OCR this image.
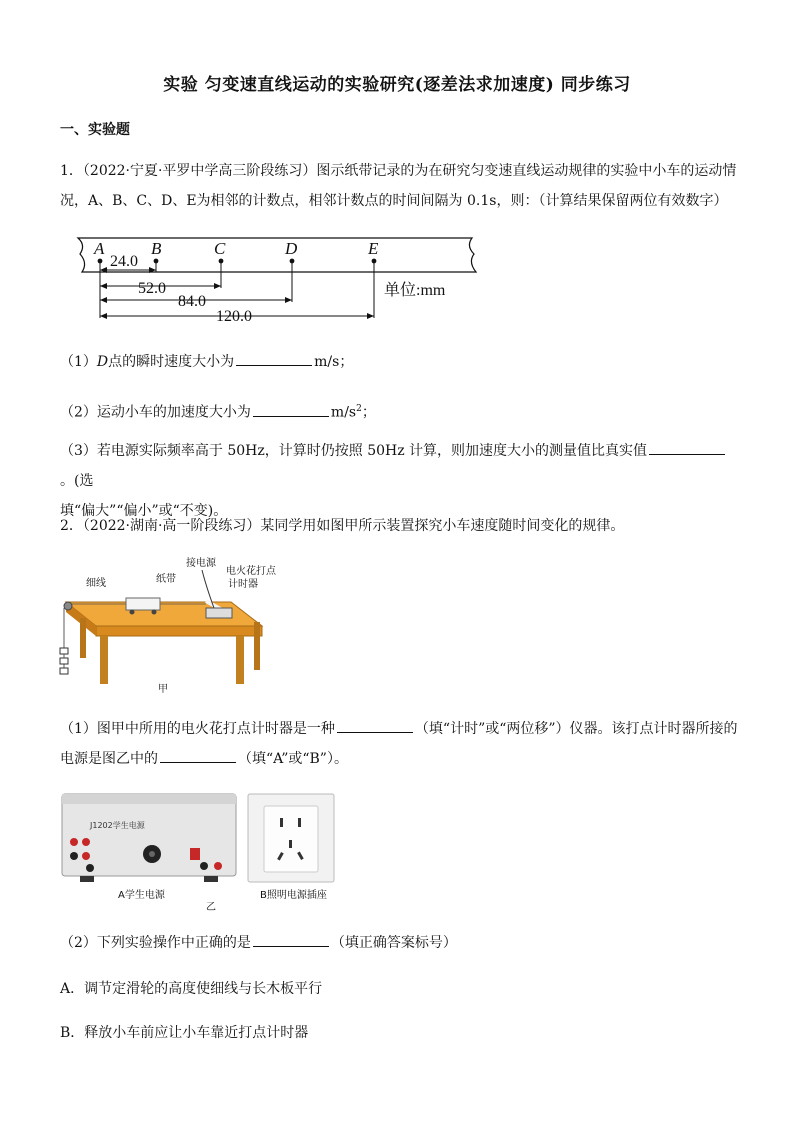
实验 匀变速直线运动的实验研究(逐差法求加速度) 同步练习
一、实验题
1．（2022·宁夏·平罗中学高三阶段练习）图示纸带记录的为在研究匀变速直线运动规律的实验中小车的运动情
况，A、B、C、D、E为相邻的计数点，相邻计数点的时间间隔为 0.1s，则：（计算结果保留两位有效数字）
A	B	C	D	E
24.0
52.0
84.0
120.0
单位:mm
（1）D点的瞬时速度大小为	m/s；
（2）运动小车的加速度大小为	$m/s^2$；
（3）若电源实际频率高于 50Hz，计算时仍按照 50Hz 计算，则加速度大小的测量值比真实值。(选
填“偏大”“偏小”或“不变)。
2．（2022·湖南·高一阶段练习）某同学用如图甲所示装置探究小车速度随时间变化的规律。
细线	纸带
接电源
电火花打点
计时器
甲
（1）图甲中所用的电火花打点计时器是一种	（填“计时”或“两位移”）仪器。该打点计时器所接的
电源是图乙中的	（填“A”或“B”）。
J1202学生电源
A学生电源	B照明电源插座
乙
（2）下列实验操作中正确的是	（填正确答案标号）
A．调节定滑轮的高度使细线与长木板平行
B．释放小车前应让小车靠近打点计时器
